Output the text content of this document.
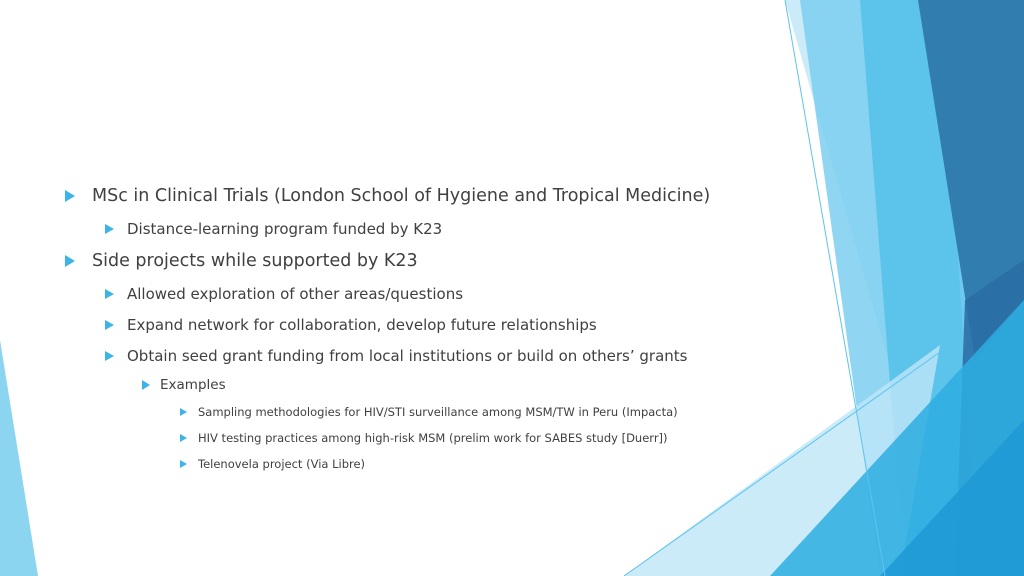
MSc in Clinical Trials (London School of Hygiene and Tropical Medicine)
Distance-learning program funded by K23
Side projects while supported by K23
Allowed exploration of other areas/questions
Expand network for collaboration, develop future relationships
Obtain seed grant funding from local institutions or build on others’ grants
Examples
Sampling methodologies for HIV/STI surveillance among MSM/TW in Peru (Impacta)
HIV testing practices among high-risk MSM (prelim work for SABES study [Duerr])
Telenovela project (Via Libre)
